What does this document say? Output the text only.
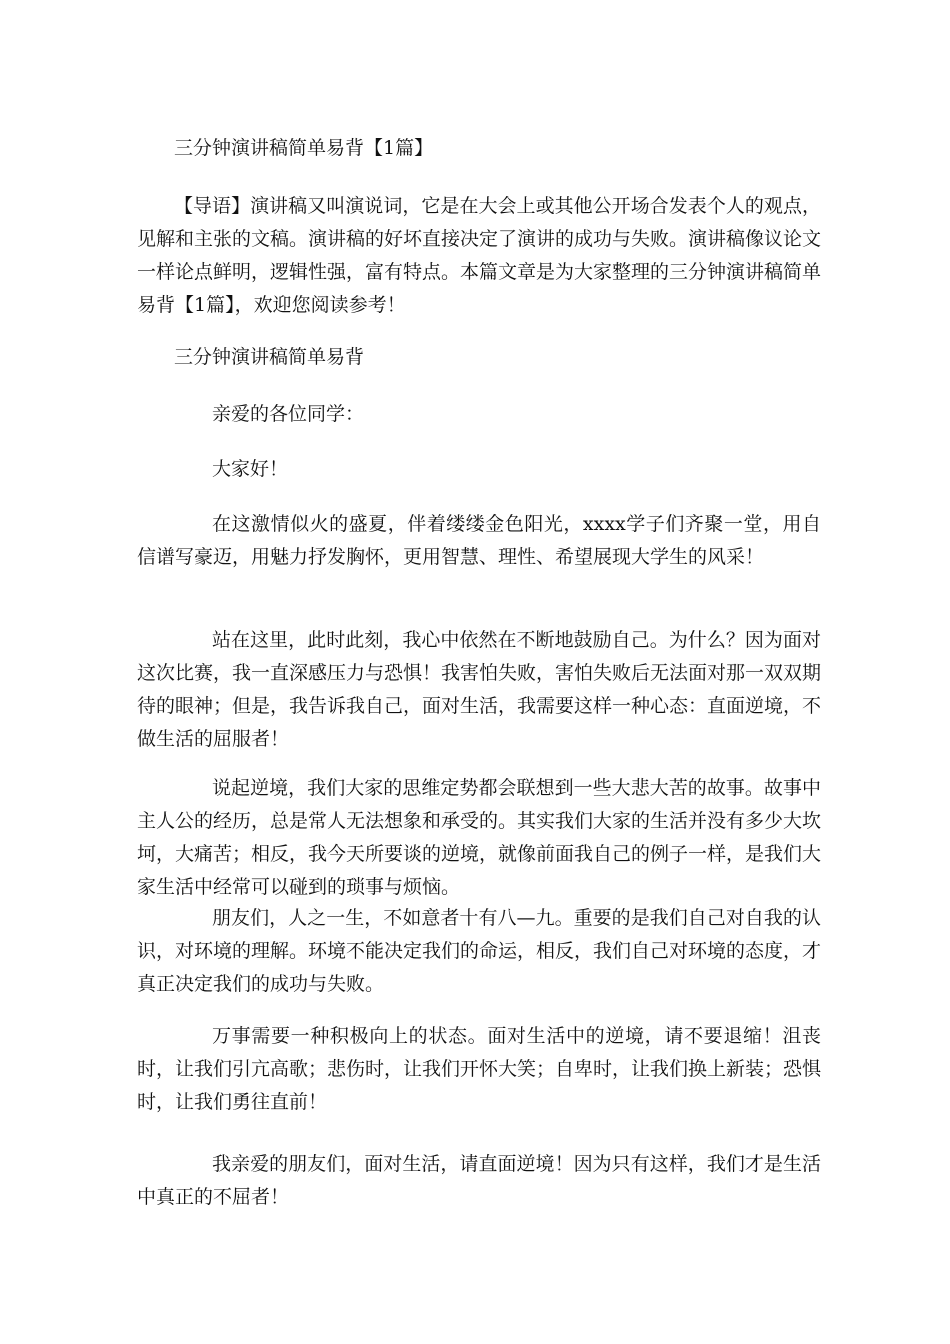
三分钟演讲稿简单易背【1篇】

【导语】演讲稿又叫演说词，它是在大会上或其他公开场合发表个人的观点，见解和主张的文稿。演讲稿的好坏直接决定了演讲的成功与失败。演讲稿像议论文一样论点鲜明，逻辑性强，富有特点。本篇文章是为大家整理的三分钟演讲稿简单易背【1篇】，欢迎您阅读参考！

三分钟演讲稿简单易背
亲爱的各位同学：
大家好！

在这激情似火的盛夏，伴着缕缕金色阳光，xxxx学子们齐聚一堂，用自信谱写豪迈，用魅力抒发胸怀，更用智慧、理性、希望展现大学生的风采！

站在这里，此时此刻，我心中依然在不断地鼓励自己。为什么？因为面对这次比赛，我一直深感压力与恐惧！我害怕失败，害怕失败后无法面对那一双双期待的眼神；但是，我告诉我自己，面对生活，我需要这样一种心态：直面逆境，不做生活的屈服者！

说起逆境，我们大家的思维定势都会联想到一些大悲大苦的故事。故事中主人公的经历，总是常人无法想象和承受的。其实我们大家的生活并没有多少大坎坷，大痛苦；相反，我今天所要谈的逆境，就像前面我自己的例子一样，是我们大家生活中经常可以碰到的琐事与烦恼。

朋友们，人之一生，不如意者十有八—九。重要的是我们自己对自我的认识，对环境的理解。环境不能决定我们的命运，相反，我们自己对环境的态度，才真正决定我们的成功与失败。

万事需要一种积极向上的状态。面对生活中的逆境，请不要退缩！沮丧时，让我们引亢高歌；悲伤时，让我们开怀大笑；自卑时，让我们换上新装；恐惧时，让我们勇往直前！

我亲爱的朋友们，面对生活，请直面逆境！因为只有这样，我们才是生活中真正的不屈者！
